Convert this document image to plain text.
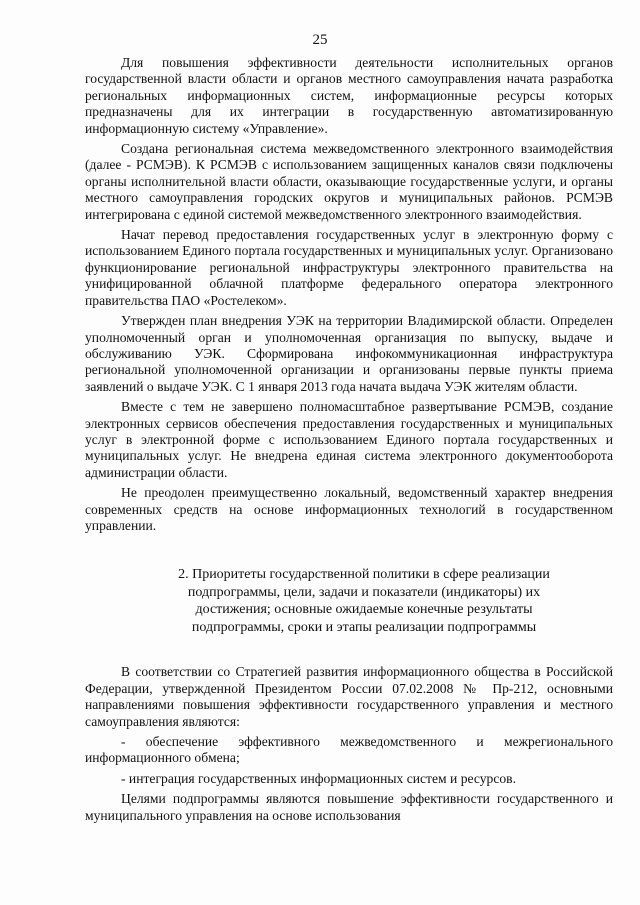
25

Для повышения эффективности деятельности исполнительных органов государственной власти области и органов местного самоуправления начата разработка региональных информационных систем, информационные ресурсы которых предназначены для их интеграции в государственную автоматизированную информационную систему «Управление».

Создана региональная система межведомственного электронного взаимодействия (далее - РСМЭВ). К РСМЭВ с использованием защищенных каналов связи подключены органы исполнительной власти области, оказывающие государственные услуги, и органы местного самоуправления городских округов и муниципальных районов. РСМЭВ интегрирована с единой системой межведомственного электронного взаимодействия.

Начат перевод предоставления государственных услуг в электронную форму с использованием Единого портала государственных и муниципальных услуг. Организовано функционирование региональной инфраструктуры электронного правительства на унифицированной облачной платформе федерального оператора электронного правительства ПАО «Ростелеком».

Утвержден план внедрения УЭК на территории Владимирской области. Определен уполномоченный орган и уполномоченная организация по выпуску, выдаче и обслуживанию УЭК. Сформирована инфокоммуникационная инфраструктура региональной уполномоченной организации и организованы первые пункты приема заявлений о выдаче УЭК. С 1 января 2013 года начата выдача УЭК жителям области.

Вместе с тем не завершено полномасштабное развертывание РСМЭВ, создание электронных сервисов обеспечения предоставления государственных и муниципальных услуг в электронной форме с использованием Единого портала государственных и муниципальных услуг. Не внедрена единая система электронного документооборота администрации области.

Не преодолен преимущественно локальный, ведомственный характер внедрения современных средств на основе информационных технологий в государственном управлении.

2. Приоритеты государственной политики в сфере реализации
подпрограммы, цели, задачи и показатели (индикаторы) их
достижения; основные ожидаемые конечные результаты
подпрограммы, сроки и этапы реализации подпрограммы

В соответствии со Стратегией развития информационного общества в Российской Федерации, утвержденной Президентом России 07.02.2008 № Пр-212, основными направлениями повышения эффективности государственного управления и местного самоуправления являются:

- обеспечение эффективного межведомственного и межрегионального информационного обмена;

- интеграция государственных информационных систем и ресурсов.

Целями подпрограммы являются повышение эффективности государственного и муниципального управления на основе использования
